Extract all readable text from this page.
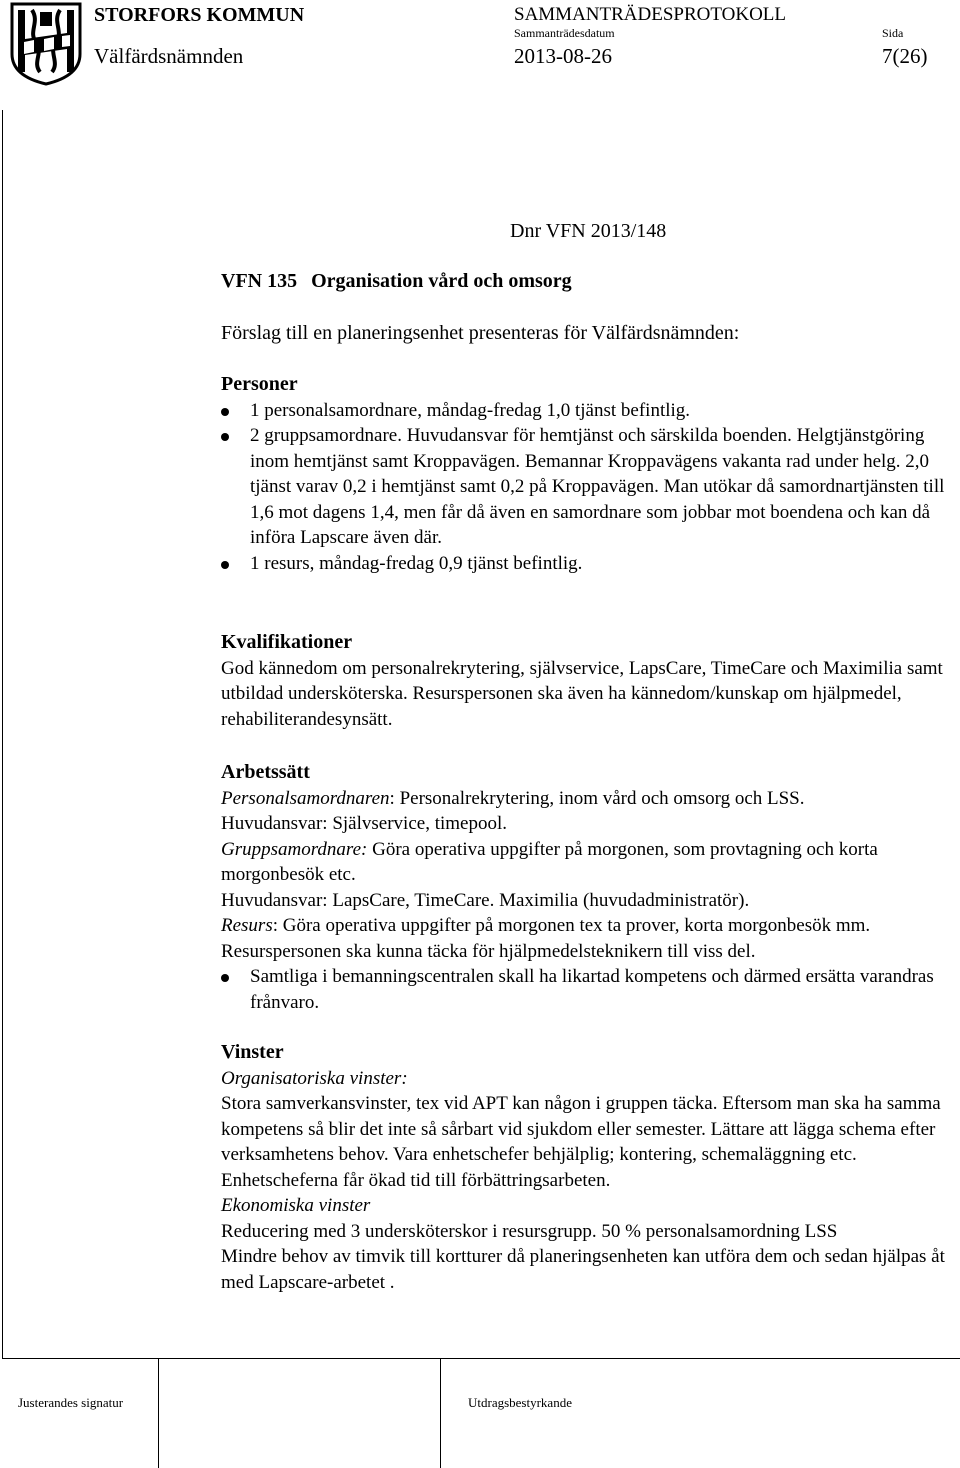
STORFORS KOMMUN
Välfärdsnämnden
SAMMANTRÄDESPROTOKOLL
Sammanträdesdatum
2013-08-26
Sida
7(26)
Dnr VFN 2013/148
VFN 135 Organisation vård och omsorg
Förslag till en planeringsenhet presenteras för Välfärdsnämnden:
Personer
1 personalsamordnare, måndag-fredag 1,0 tjänst befintlig.
2 gruppsamordnare. Huvudansvar för hemtjänst och särskilda boenden. Helgtjänstgöring inom hemtjänst samt Kroppavägen. Bemannar Kroppavägens vakanta rad under helg. 2,0 tjänst varav 0,2 i hemtjänst samt 0,2 på Kroppavägen. Man utökar då samordnartjänsten till 1,6 mot dagens 1,4, men får då även en samordnare som jobbar mot boendena och kan då införa Lapscare även där.
1 resurs, måndag-fredag 0,9 tjänst befintlig.
Kvalifikationer

God kännedom om personalrekrytering, självservice, LapsCare, TimeCare och Maximilia samt utbildad undersköterska. Resurspersonen ska även ha kännedom/kunskap om hjälpmedel, rehabiliterandesynsätt.

Arbetssätt

Personalsamordnaren: Personalrekrytering, inom vård och omsorg och LSS.

Huvudansvar: Självservice, timepool.

Gruppsamordnare: Göra operativa uppgifter på morgonen, som provtagning och korta morgonbesök etc.

Huvudansvar: LapsCare, TimeCare. Maximilia (huvudadministratör).

Resurs: Göra operativa uppgifter på morgonen tex ta prover, korta morgonbesök mm. Resurspersonen ska kunna täcka för hjälpmedelsteknikern till viss del.

Samtliga i bemanningscentralen skall ha likartad kompetens och därmed ersätta varandras frånvaro.
Vinster

Organisatoriska vinster:

Stora samverkansvinster, tex vid APT kan någon i gruppen täcka. Eftersom man ska ha samma kompetens så blir det inte så sårbart vid sjukdom eller semester. Lättare att lägga schema efter verksamhetens behov. Vara enhetschefer behjälplig; kontering, schemaläggning etc. Enhetscheferna får ökad tid till förbättringsarbeten.

Ekonomiska vinster

Reducering med 3 undersköterskor i resursgrupp. 50 % personalsamordning LSS

Mindre behov av timvik till kortturer då planeringsenheten kan utföra dem och sedan hjälpas åt med Lapscare-arbetet .

Justerandes signatur	Utdragsbestyrkande
